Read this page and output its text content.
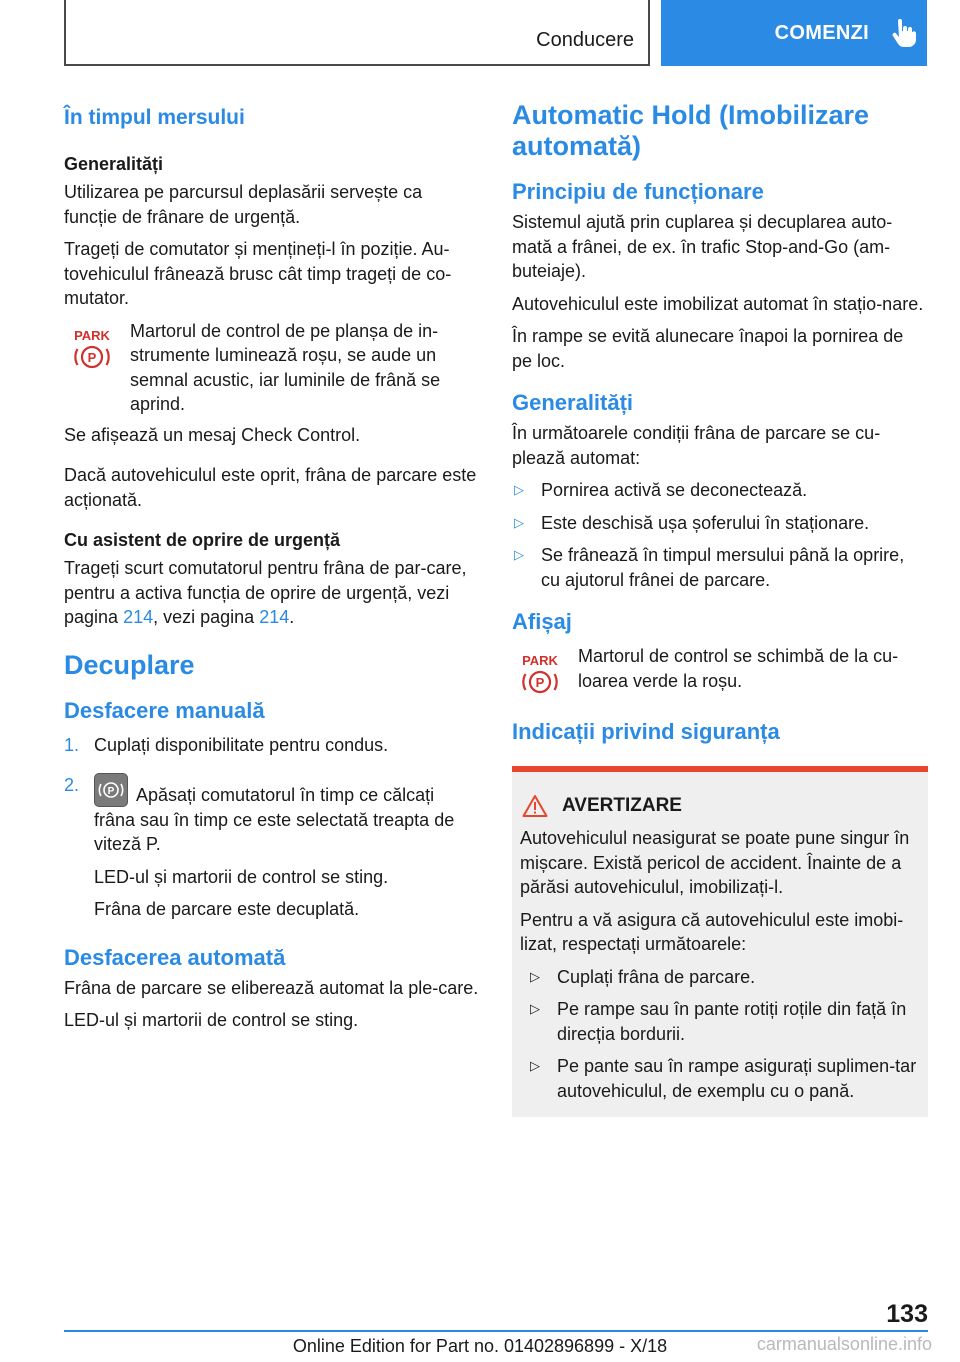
Conducere	COMENZI
În timpul mersului
Generalități
Utilizarea pe parcursul deplasării servește ca funcție de frânare de urgență.
Trageți de comutator și mențineți-l în poziție. Au-tovehiculul frânează brusc cât timp trageți de co-mutator.
PARK
P
Martorul de control de pe planșa de in-strumente luminează roșu, se aude un semnal acustic, iar luminile de frână se aprind.
Se afișează un mesaj Check Control.
Dacă autovehiculul este oprit, frâna de parcare este acționată.
Cu asistent de oprire de urgență
Trageți scurt comutatorul pentru frâna de par-care, pentru a activa funcția de oprire de urgență, vezi pagina 214, vezi pagina 214.
Decuplare
Desfacere manuală
1. Cuplați disponibilitate pentru condus.
2.	P Apăsați comutatorul în timp ce călcați frâna sau în timp ce este selectată treapta de viteză P.
LED-ul și martorii de control se sting.
Frâna de parcare este decuplată.
Desfacerea automată
Frâna de parcare se eliberează automat la ple-care.
LED-ul și martorii de control se sting.
Automatic Hold (Imobilizare automată)
Principiu de funcționare
Sistemul ajută prin cuplarea și decuplarea auto-mată a frânei, de ex. în trafic Stop-and-Go (am-buteiaje).
Autovehiculul este imobilizat automat în stațio-nare.
În rampe se evită alunecare înapoi la pornirea de pe loc.
Generalități
În următoarele condiții frâna de parcare se cu-plează automat:
▷ Pornirea activă se deconectează.
▷ Este deschisă ușa șoferului în staționare.
▷ Se frânează în timpul mersului până la oprire, cu ajutorul frânei de parcare.
Afișaj
PARK
P
Martorul de control se schimbă de la cu-loarea verde la roșu.
Indicații privind siguranța
AVERTIZARE
Autovehiculul neasigurat se poate pune singur în mișcare. Există pericol de accident. Înainte de a părăsi autovehiculul, imobilizați-l.
Pentru a vă asigura că autovehiculul este imobi-lizat, respectați următoarele:
▷ Cuplați frâna de parcare.
▷ Pe rampe sau în pante rotiți roțile din față în direcția bordurii.
▷ Pe pante sau în rampe asigurați suplimen-tar autovehiculul, de exemplu cu o pană.
133
Online Edition for Part no. 01402896899 - X/18	carmanualsonline.info
